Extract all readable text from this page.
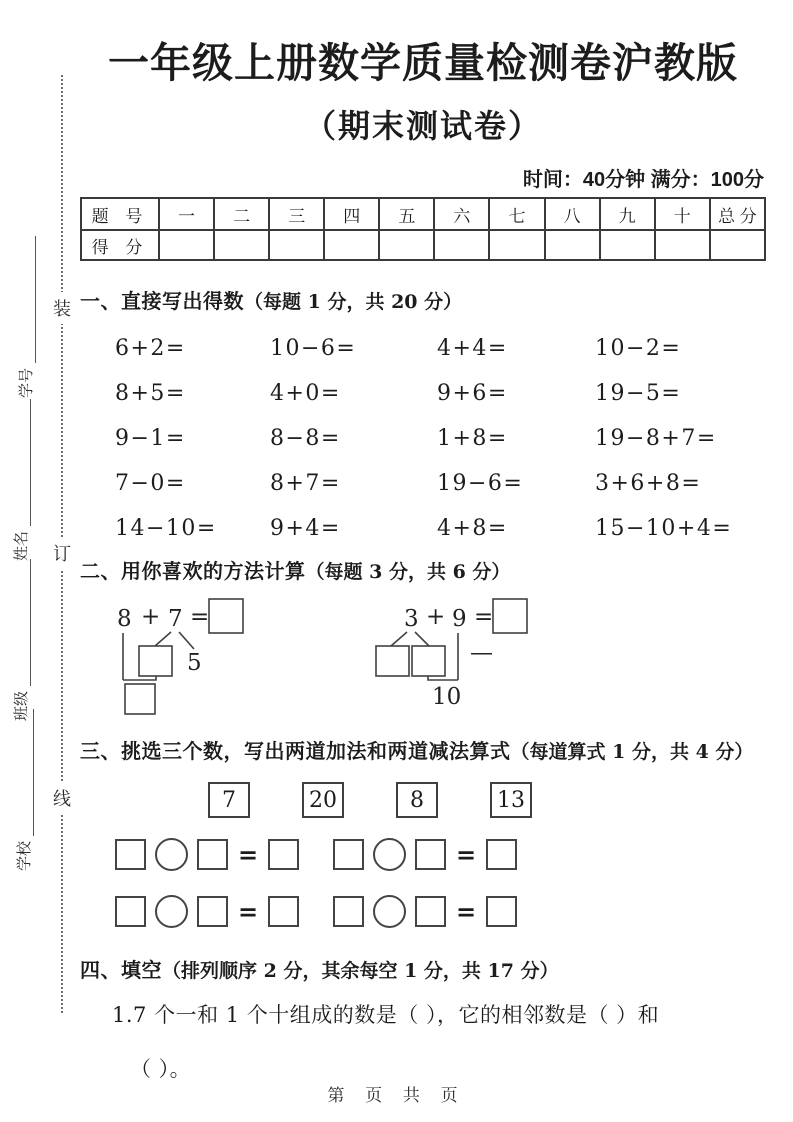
装
订
线
学号
姓名
班级
学校
一年级上册数学质量检测卷沪教版
（期末测试卷）
时间：40分钟 满分：100分
题 号	一	二	三	四	五	六	七	八	九	十	总 分
得 分											

一、直接写出得数（每题 1 分，共 20 分）

6+2=	10−6=	4+4=	10−2=
8+5=	4+0=	9+6=	19−5=
9−1=	8−8=	1+8=	19−8+7=
7−0=	8+7=	19−6=	3+6+8=
14−10=	9+4=	4+8=	15−10+4=

二、用你喜欢的方法计算（每题 3 分，共 6 分）

8 + 7 =
5
3 + 9 =
10
—

三、挑选三个数，写出两道加法和两道减法算式（每道算式 1 分，共 4 分）

7	20	8	13
=	=
=	=

四、填空（排列顺序 2 分，其余每空 1 分，共 17 分）

1.7 个一和 1 个十组成的数是（ ），它的相邻数是（ ）和
（ ）。
第 页 共 页
